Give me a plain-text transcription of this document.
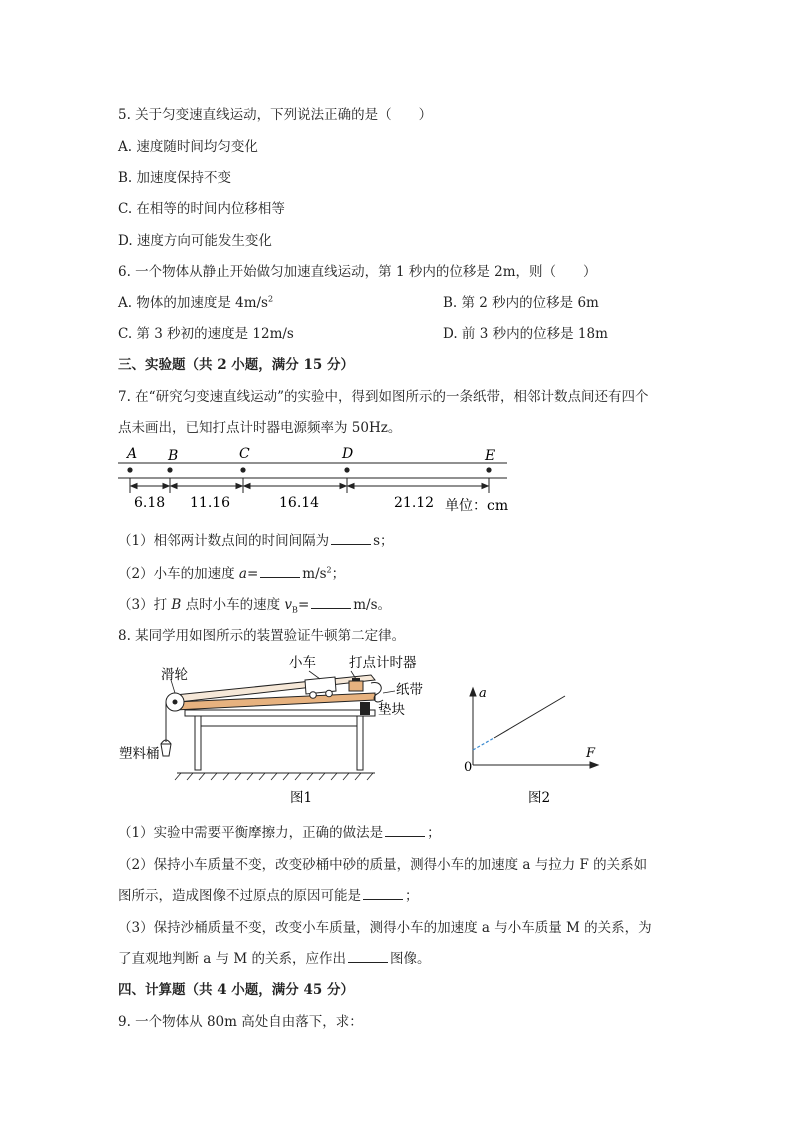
5. 关于匀变速直线运动，下列说法正确的是（　　）
A. 速度随时间均匀变化
B. 加速度保持不变
C. 在相等的时间内位移相等
D. 速度方向可能发生变化
6. 一个物体从静止开始做匀加速直线运动，第 1 秒内的位移是 2m，则（　　）
A. 物体的加速度是 $4m/s^2$	B. 第 2 秒内的位移是 6m
C. 第 3 秒初的速度是 12m/s	D. 前 3 秒内的位移是 18m
三、实验题（共 2 小题，满分 15 分）
7. 在“研究匀变速直线运动”的实验中，得到如图所示的一条纸带，相邻计数点间还有四个
点未画出，已知打点计时器电源频率为 50Hz。
A B	C	D	E
6.18 11.16	16.14	21.12 单位：cm
（1）相邻两计数点间的时间间隔为	s；
（2）小车的加速度 a=	$m/s^2$；
（3）打 B 点时小车的速度 $v_B=$	m/s。
8. 某同学用如图所示的装置验证牛顿第二定律。
滑轮
小车 打点计时器
纸带
垫块
塑料桶
图1
a
F
0
图2
（1）实验中需要平衡摩擦力，正确的做法是	；
（2）保持小车质量不变，改变砂桶中砂的质量，测得小车的加速度 a 与拉力 F 的关系如
图所示，造成图像不过原点的原因可能是	；
（3）保持沙桶质量不变，改变小车质量，测得小车的加速度 a 与小车质量 M 的关系，为
了直观地判断 a 与 M 的关系，应作出	图像。
四、计算题（共 4 小题，满分 45 分）
9. 一个物体从 80m 高处自由落下，求：
